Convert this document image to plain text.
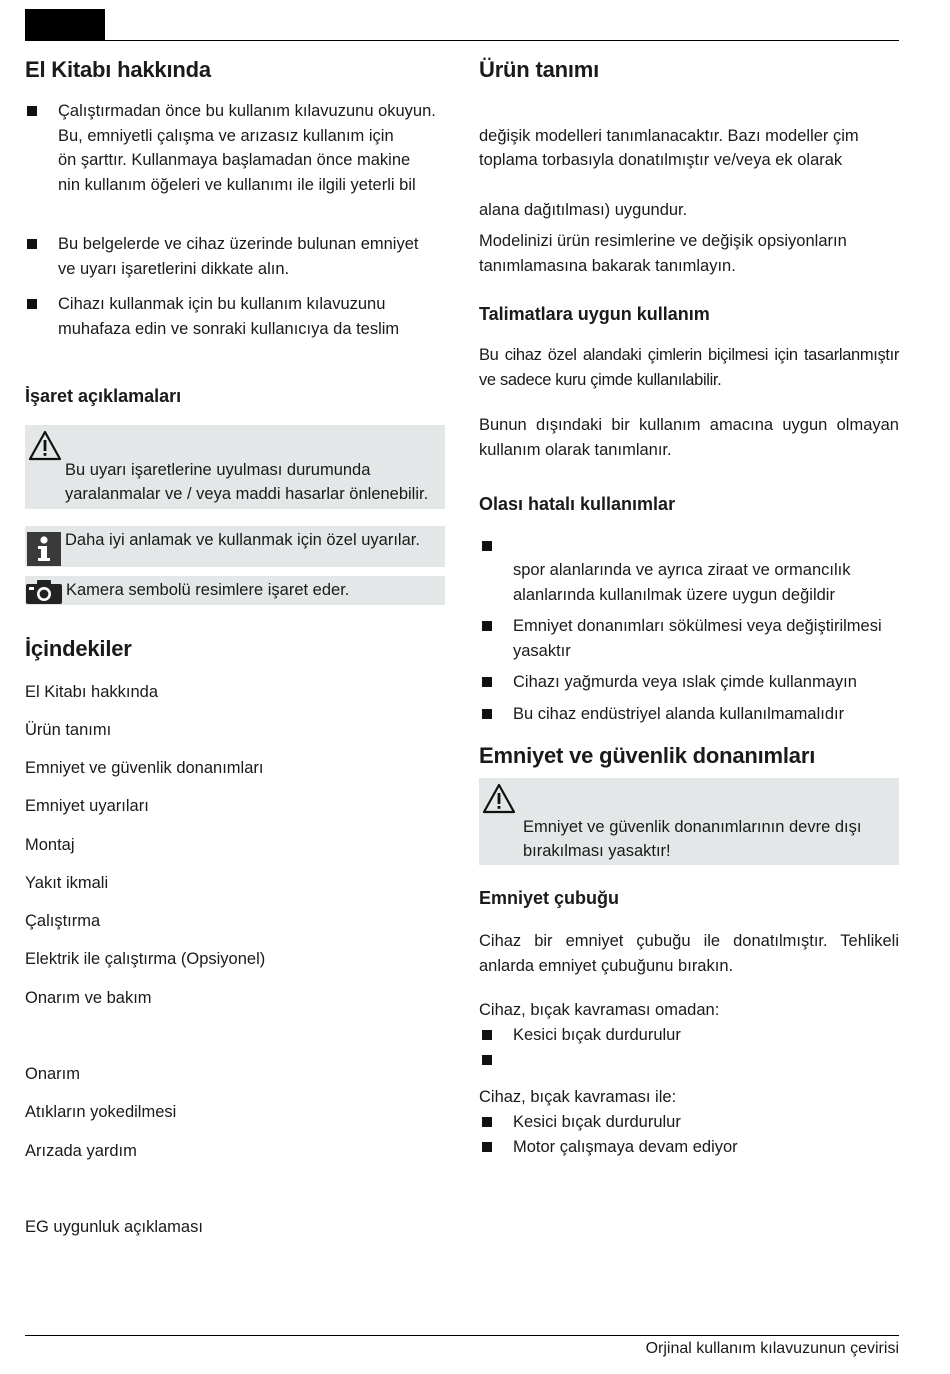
El Kitabı hakkında
Çalıştırmadan önce bu kullanım kılavuzunu okuyun.
Bu, emniyetli çalışma ve arızasız kullanım için
ön şarttır. Kullanmaya başlamadan önce makine
nin kullanım öğeleri ve kullanımı ile ilgili yeterli bil
Bu belgelerde ve cihaz üzerinde bulunan emniyet
ve uyarı işaretlerini dikkate alın.
Cihazı kullanmak için bu kullanım kılavuzunu
muhafaza edin ve sonraki kullanıcıya da teslim
İşaret açıklamaları
Bu uyarı işaretlerine uyulması durumunda
yaralanmalar ve / veya maddi hasarlar önlenebilir.
Daha iyi anlamak ve kullanmak için özel uyarılar.
Kamera sembolü resimlere işaret eder.
İçindekiler
El Kitabı hakkında
Ürün tanımı
Emniyet ve güvenlik donanımları
Emniyet uyarıları
Montaj
Yakıt ikmali
Çalıştırma
Elektrik ile çalıştırma (Opsiyonel)
Onarım ve bakım
Onarım
Atıkların yokedilmesi
Arızada yardım
EG uygunluk açıklaması
Ürün tanımı
değişik modelleri tanımlanacaktır. Bazı modeller çim
toplama torbasıyla donatılmıştır ve/veya ek olarak
alana dağıtılması) uygundur.
Modelinizi ürün resimlerine ve değişik opsiyonların
tanımlamasına bakarak tanımlayın.
Talimatlara uygun kullanım
Bu cihaz özel alandaki çimlerin biçilmesi için tasarlanmıştır ve sadece kuru çimde kullanılabilir.
Bunun dışındaki bir kullanım amacına uygun olmayan kullanım olarak tanımlanır.
Olası hatalı kullanımlar
spor alanlarında ve ayrıca ziraat ve ormancılık
alanlarında kullanılmak üzere uygun değildir
Emniyet donanımları sökülmesi veya değiştirilmesi
yasaktır
Cihazı yağmurda veya ıslak çimde kullanmayın
Bu cihaz endüstriyel alanda kullanılmamalıdır
Emniyet ve güvenlik donanımları
Emniyet ve güvenlik donanımlarının devre dışı
bırakılması yasaktır!
Emniyet çubuğu
Cihaz bir emniyet çubuğu ile donatılmıştır. Tehlikeli anlarda emniyet çubuğunu bırakın.
Cihaz, bıçak kavraması omadan:
Kesici bıçak durdurulur
Cihaz, bıçak kavraması ile:
Kesici bıçak durdurulur
Motor çalışmaya devam ediyor
Orjinal kullanım kılavuzunun çevirisi
